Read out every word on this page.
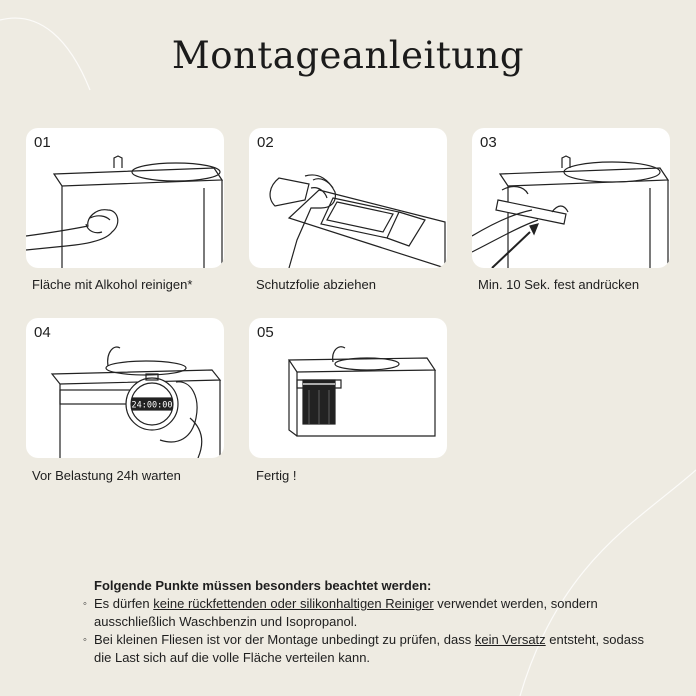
Montageanleitung
01
Fläche mit Alkohol reinigen*
02
Schutzfolie abziehen
03
Min. 10 Sek. fest andrücken
24:00:00
04
Vor Belastung 24h warten
05
Fertig !
Folgende Punkte müssen besonders beachtet werden:
◦ Es dürfen keine rückfettenden oder silikonhaltigen Reiniger verwendet werden, sondern ausschließlich Waschbenzin und Isopropanol.
◦ Bei kleinen Fliesen ist vor der Montage unbedingt zu prüfen, dass kein Versatz entsteht, sodass die Last sich auf die volle Fläche verteilen kann.
